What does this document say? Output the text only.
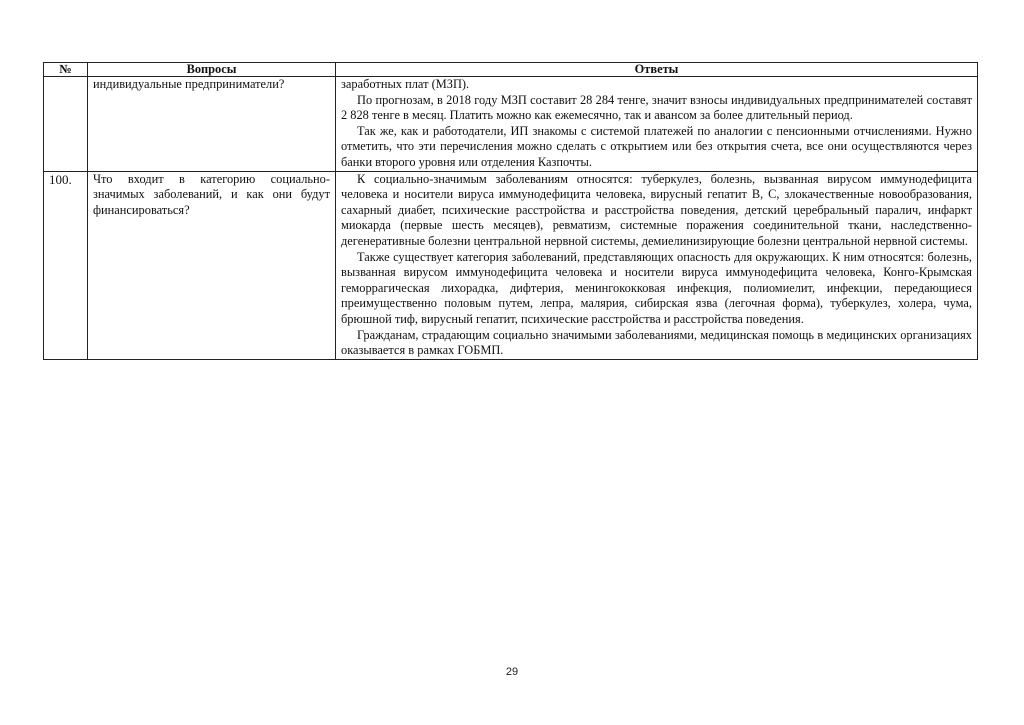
№	Вопросы	Ответы
	индивидуальные предприниматели?	заработных плат (МЗП).

По прогнозам, в 2018 году МЗП составит 28 284 тенге, значит взносы индивидуальных предпринимателей составят 2 828 тенге в месяц. Платить можно как ежемесячно, так и авансом за более длительный период.

Так же, как и работодатели, ИП знакомы с системой платежей по аналогии с пенсионными отчислениями. Нужно отметить, что эти перечисления можно сделать с открытием или без открытия счета, все они осуществляются через банки второго уровня или отделения Казпочты.

100.	Что входит в категорию социально-значимых заболеваний, и как они будут финансироваться?	К социально-значимым заболеваниям относятся: туберкулез, болезнь, вызванная вирусом иммунодефицита человека и носители вируса иммунодефицита человека, вирусный гепатит В, С, злокачественные новообразования, сахарный диабет, психические расстройства и расстройства поведения, детский церебральный паралич, инфаркт миокарда (первые шесть месяцев), ревматизм, системные поражения соединительной ткани, наследственно-дегенеративные болезни центральной нервной системы, демиелинизирующие болезни центральной нервной системы.

Также существует категория заболеваний, представляющих опасность для окружающих. К ним относятся: болезнь, вызванная вирусом иммунодефицита человека и носители вируса иммунодефицита человека, Конго-Крымская геморрагическая лихорадка, дифтерия, менингококковая инфекция, полиомиелит, инфекции, передающиеся преимущественно половым путем, лепра, малярия, сибирская язва (легочная форма), туберкулез, холера, чума, брюшной тиф, вирусный гепатит, психические расстройства и расстройства поведения.

Гражданам, страдающим социально значимыми заболеваниями, медицинская помощь в медицинских организациях оказывается в рамках ГОБМП.

29
